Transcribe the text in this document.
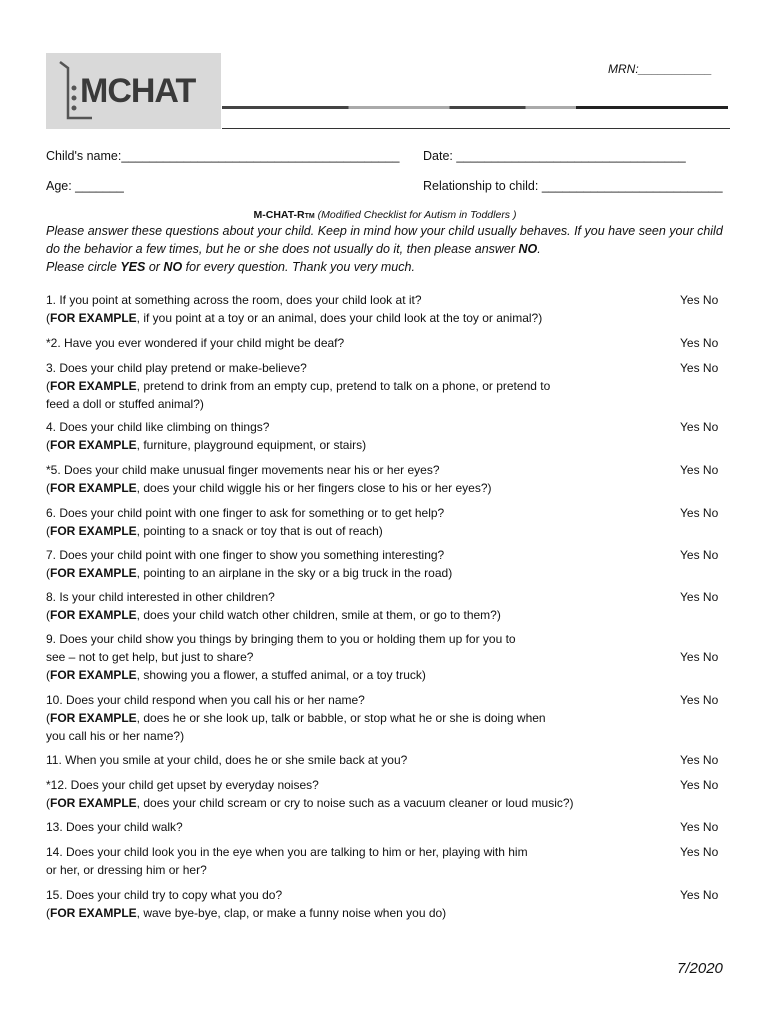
MCHAT
MRN:___________
Child's name:________________________________________ Date: _________________________________
Age: _______	Relationship to child: __________________________
M-CHAT-RTM (Modified Checklist for Autism in Toddlers )
Please answer these questions about your child. Keep in mind how your child usually behaves. If you have seen your child
do the behavior a few times, but he or she does not usually do it, then please answer NO.
Please circle YES or NO for every question. Thank you very much.
1. If you point at something across the room, does your child look at it?
(FOR EXAMPLE, if you point at a toy or an animal, does your child look at the toy or animal?)
Yes No
*2. Have you ever wondered if your child might be deaf?	Yes No
3. Does your child play pretend or make-believe?
(FOR EXAMPLE, pretend to drink from an empty cup, pretend to talk on a phone, or pretend to
feed a doll or stuffed animal?)
Yes No
4. Does your child like climbing on things?
(FOR EXAMPLE, furniture, playground equipment, or stairs)
Yes No
*5. Does your child make unusual finger movements near his or her eyes?
(FOR EXAMPLE, does your child wiggle his or her fingers close to his or her eyes?)
Yes No
6. Does your child point with one finger to ask for something or to get help?
(FOR EXAMPLE, pointing to a snack or toy that is out of reach)
Yes No
7. Does your child point with one finger to show you something interesting?
(FOR EXAMPLE, pointing to an airplane in the sky or a big truck in the road)
Yes No
8. Is your child interested in other children?
(FOR EXAMPLE, does your child watch other children, smile at them, or go to them?)
Yes No
9. Does your child show you things by bringing them to you or holding them up for you to
see – not to get help, but just to share?
(FOR EXAMPLE, showing you a flower, a stuffed animal, or a toy truck)
Yes No
10. Does your child respond when you call his or her name?
(FOR EXAMPLE, does he or she look up, talk or babble, or stop what he or she is doing when
you call his or her name?)
Yes No
11. When you smile at your child, does he or she smile back at you?	Yes No
*12. Does your child get upset by everyday noises?
(FOR EXAMPLE, does your child scream or cry to noise such as a vacuum cleaner or loud music?)
Yes No
13. Does your child walk?	Yes No
14. Does your child look you in the eye when you are talking to him or her, playing with him
or her, or dressing him or her?
Yes No
15. Does your child try to copy what you do?
(FOR EXAMPLE, wave bye-bye, clap, or make a funny noise when you do)
Yes No
7/2020
